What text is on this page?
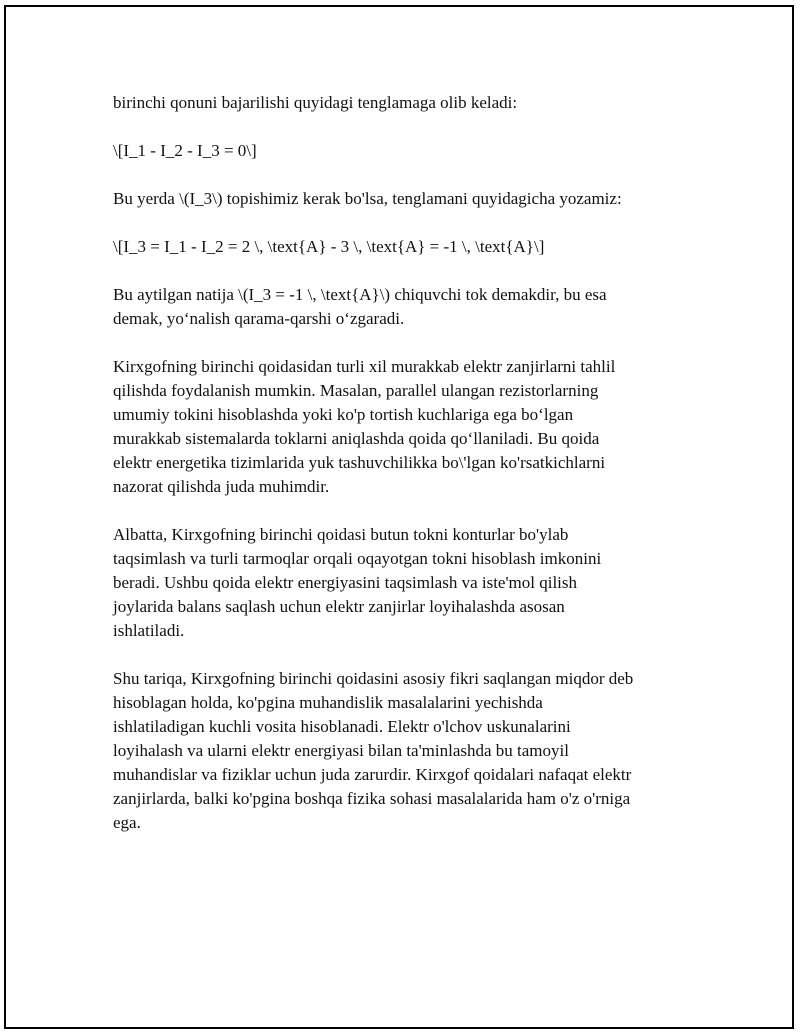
birinchi qonuni bajarilishi quyidagi tenglamaga olib keladi:

\[I_1 - I_2 - I_3 = 0\]

Bu yerda \(I_3\) topishimiz kerak bo'lsa, tenglamani quyidagicha yozamiz:

\[I_3 = I_1 - I_2 = 2 \, \text{A} - 3 \, \text{A} = -1 \, \text{A}\]

Bu aytilgan natija \(I_3 = -1 \, \text{A}\) chiquvchi tok demakdir, bu esa
demak, yo‘nalish qarama-qarshi o‘zgaradi.

Kirxgofning birinchi qoidasidan turli xil murakkab elektr zanjirlarni tahlil
qilishda foydalanish mumkin. Masalan, parallel ulangan rezistorlarning
umumiy tokini hisoblashda yoki ko'p tortish kuchlariga ega bo‘lgan
murakkab sistemalarda toklarni aniqlashda qoida qo‘llaniladi. Bu qoida
elektr energetika tizimlarida yuk tashuvchilikka bo\'lgan ko'rsatkichlarni
nazorat qilishda juda muhimdir.

Albatta, Kirxgofning birinchi qoidasi butun tokni konturlar bo'ylab
taqsimlash va turli tarmoqlar orqali oqayotgan tokni hisoblash imkonini
beradi. Ushbu qoida elektr energiyasini taqsimlash va iste'mol qilish
joylarida balans saqlash uchun elektr zanjirlar loyihalashda asosan
ishlatiladi.

Shu tariqa, Kirxgofning birinchi qoidasini asosiy fikri saqlangan miqdor deb
hisoblagan holda, ko'pgina muhandislik masalalarini yechishda
ishlatiladigan kuchli vosita hisoblanadi. Elektr o'lchov uskunalarini
loyihalash va ularni elektr energiyasi bilan ta'minlashda bu tamoyil
muhandislar va fiziklar uchun juda zarurdir. Kirxgof qoidalari nafaqat elektr
zanjirlarda, balki ko'pgina boshqa fizika sohasi masalalarida ham o'z o'rniga
ega.
